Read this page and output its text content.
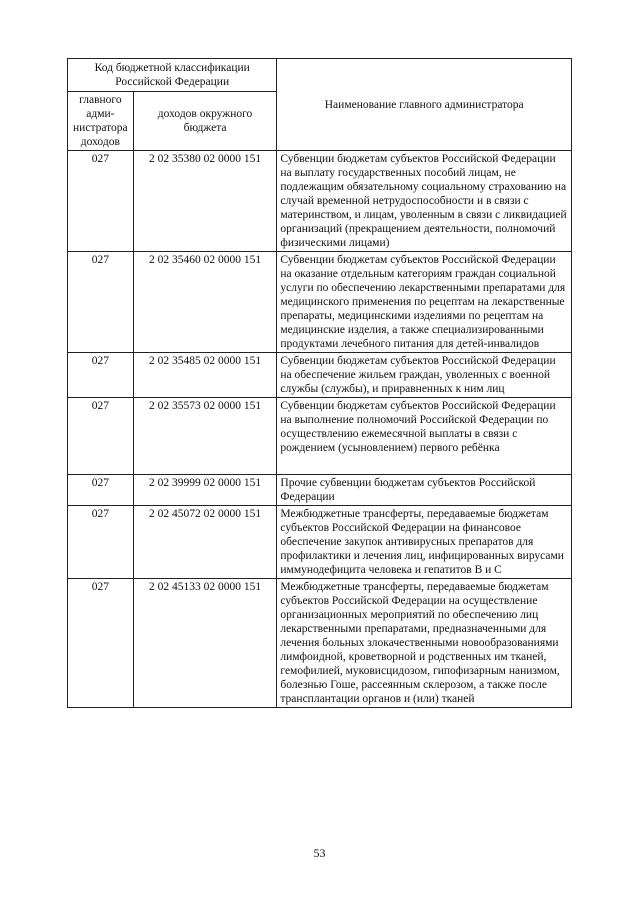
Код бюджетной классификации Российской Федерации		Наименование главного администратора
главного адми-нистратора доходов	доходов окружного бюджета	
027	2 02 35380 02 0000 151	Субвенции бюджетам субъектов Российской Федерации на выплату государственных пособий лицам, не подлежащим обязательному социальному страхованию на случай временной нетрудоспособности и в связи с материнством, и лицам, уволенным в связи с ликвидацией организаций (прекращением деятельности, полномочий физическими лицами)
027	2 02 35460 02 0000 151	Субвенции бюджетам субъектов Российской Федерации на оказание отдельным категориям граждан социальной услуги по обеспечению лекарственными препаратами для медицинского применения по рецептам на лекарственные препараты, медицинскими изделиями по рецептам на медицинские изделия, а также специализированными продуктами лечебного питания для детей-инвалидов
027	2 02 35485 02 0000 151	Субвенции бюджетам субъектов Российской Федерации на обеспечение жильем граждан, уволенных с военной службы (службы), и приравненных к ним лиц
027	2 02 35573 02 0000 151	Субвенции бюджетам субъектов Российской Федерации на выполнение полномочий Российской Федерации по осуществлению ежемесячной выплаты в связи с рождением (усыновлением) первого ребёнка
027	2 02 39999 02 0000 151	Прочие субвенции бюджетам субъектов Российской Федерации
027	2 02 45072 02 0000 151	Межбюджетные трансферты, передаваемые бюджетам субъектов Российской Федерации на финансовое обеспечение закупок антивирусных препаратов для профилактики и лечения лиц, инфицированных вирусами иммунодефицита человека и гепатитов В и С
027	2 02 45133 02 0000 151	Межбюджетные трансферты, передаваемые бюджетам субъектов Российской Федерации на осуществление организационных мероприятий по обеспечению лиц лекарственными препаратами, предназначенными для лечения больных злокачественными новообразованиями лимфоидной, кроветворной и родственных им тканей, гемофилией, муковисцидозом, гипофизарным нанизмом, болезнью Гоше, рассеянным склерозом, а также после трансплантации органов и (или) тканей
53
